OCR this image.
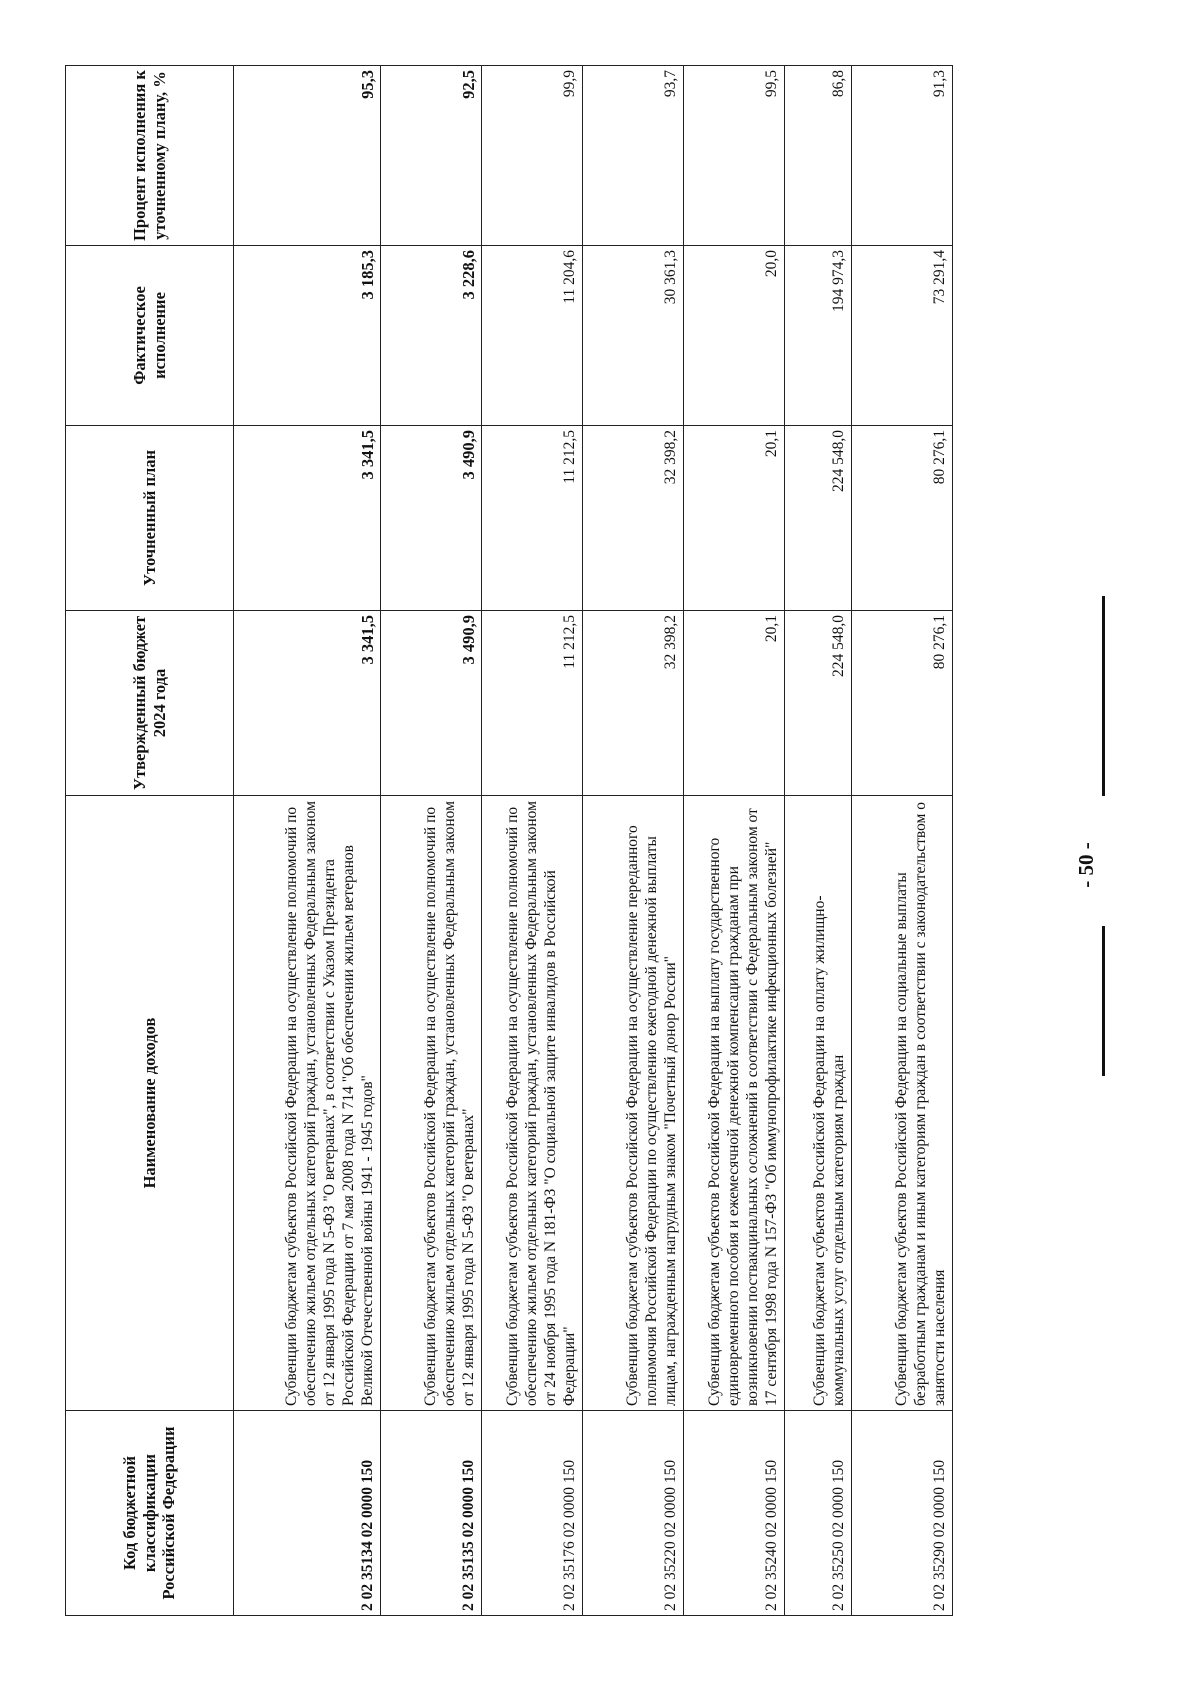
- 50 -
Код бюджетной классификации Российской Федерации	Наименование доходов	Утвержденный бюджет 2024 года	Уточненный план	Фактическое исполнение	Процент исполнения к уточненному плану, %
2 02 35134 02 0000 150	Субвенции бюджетам субъектов Российской Федерации на осуществление полномочий по обеспечению жильем отдельных категорий граждан, установленных Федеральным законом от 12 января 1995 года N 5-ФЗ "О ветеранах", в соответствии с Указом Президента Российской Федерации от 7 мая 2008 года N 714 "Об обеспечении жильем ветеранов Великой Отечественной войны 1941 - 1945 годов"	3 341,5	3 341,5	3 185,3	95,3
2 02 35135 02 0000 150	Субвенции бюджетам субъектов Российской Федерации на осуществление полномочий по обеспечению жильем отдельных категорий граждан, установленных Федеральным законом от 12 января 1995 года N 5-ФЗ "О ветеранах"	3 490,9	3 490,9	3 228,6	92,5
2 02 35176 02 0000 150	Субвенции бюджетам субъектов Российской Федерации на осуществление полномочий по обеспечению жильем отдельных категорий граждан, установленных Федеральным законом от 24 ноября 1995 года N 181-ФЗ "О социальной защите инвалидов в Российской Федерации"	11 212,5	11 212,5	11 204,6	99,9
2 02 35220 02 0000 150	Субвенции бюджетам субъектов Российской Федерации на осуществление переданного полномочия Российской Федерации по осуществлению ежегодной денежной выплаты лицам, награжденным нагрудным знаком "Почетный донор России"	32 398,2	32 398,2	30 361,3	93,7
2 02 35240 02 0000 150	Субвенции бюджетам субъектов Российской Федерации на выплату государственного единовременного пособия и ежемесячной денежной компенсации гражданам при возникновении поствакцинальных осложнений в соответствии с Федеральным законом от 17 сентября 1998 года N 157-ФЗ "Об иммунопрофилактике инфекционных болезней"	20,1	20,1	20,0	99,5
2 02 35250 02 0000 150	Субвенции бюджетам субъектов Российской Федерации на оплату жилищно-коммунальных услуг отдельным категориям граждан	224 548,0	224 548,0	194 974,3	86,8
2 02 35290 02 0000 150	Субвенции бюджетам субъектов Российской Федерации на социальные выплаты безработным гражданам и иным категориям граждан в соответствии с законодательством о занятости населения	80 276,1	80 276,1	73 291,4	91,3
